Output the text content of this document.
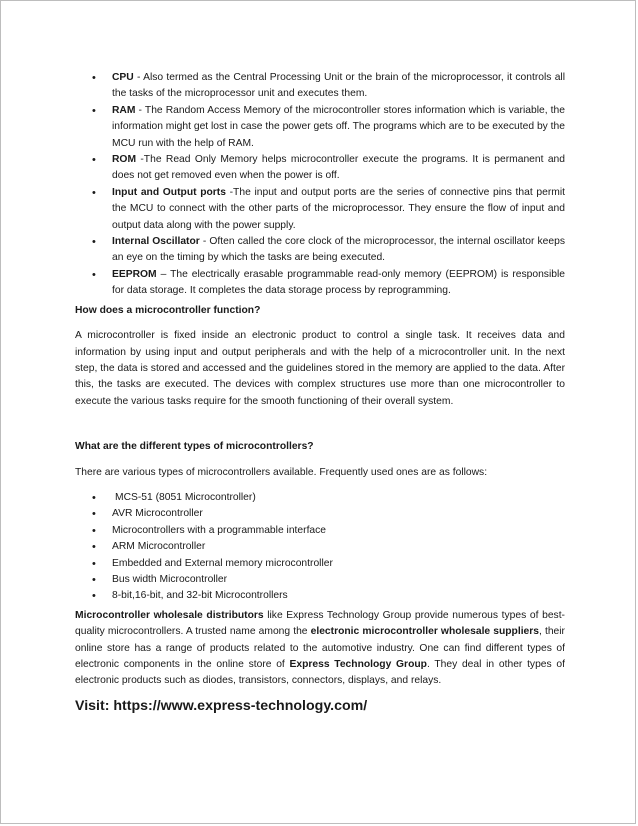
• CPU - Also termed as the Central Processing Unit or the brain of the microprocessor, it controls all the tasks of the microprocessor unit and executes them.
• RAM - The Random Access Memory of the microcontroller stores information which is variable, the information might get lost in case the power gets off. The programs which are to be executed by the MCU run with the help of RAM.
• ROM -The Read Only Memory helps microcontroller execute the programs. It is permanent and does not get removed even when the power is off.
• Input and Output ports -The input and output ports are the series of connective pins that permit the MCU to connect with the other parts of the microprocessor. They ensure the flow of input and output data along with the power supply.
• Internal Oscillator - Often called the core clock of the microprocessor, the internal oscillator keeps an eye on the timing by which the tasks are being executed.
• EEPROM – The electrically erasable programmable read-only memory (EEPROM) is responsible for data storage. It completes the data storage process by reprogramming.
How does a microcontroller function?

A microcontroller is fixed inside an electronic product to control a single task. It receives data and information by using input and output peripherals and with the help of a microcontroller unit. In the next step, the data is stored and accessed and the guidelines stored in the memory are applied to the data. After this, the tasks are executed. The devices with complex structures use more than one microcontroller to execute the various tasks require for the smooth functioning of their overall system.

What are the different types of microcontrollers?

There are various types of microcontrollers available. Frequently used ones are as follows:

• MCS-51 (8051 Microcontroller)
• AVR Microcontroller
• Microcontrollers with a programmable interface
• ARM Microcontroller
• Embedded and External memory microcontroller
• Bus width Microcontroller
• 8-bit,16-bit, and 32-bit Microcontrollers

Microcontroller wholesale distributors like Express Technology Group provide numerous types of best-quality microcontrollers. A trusted name among the electronic microcontroller wholesale suppliers, their online store has a range of products related to the automotive industry. One can find different types of electronic components in the online store of Express Technology Group. They deal in other types of electronic products such as diodes, transistors, connectors, displays, and relays.

Visit: https://www.express-technology.com/
